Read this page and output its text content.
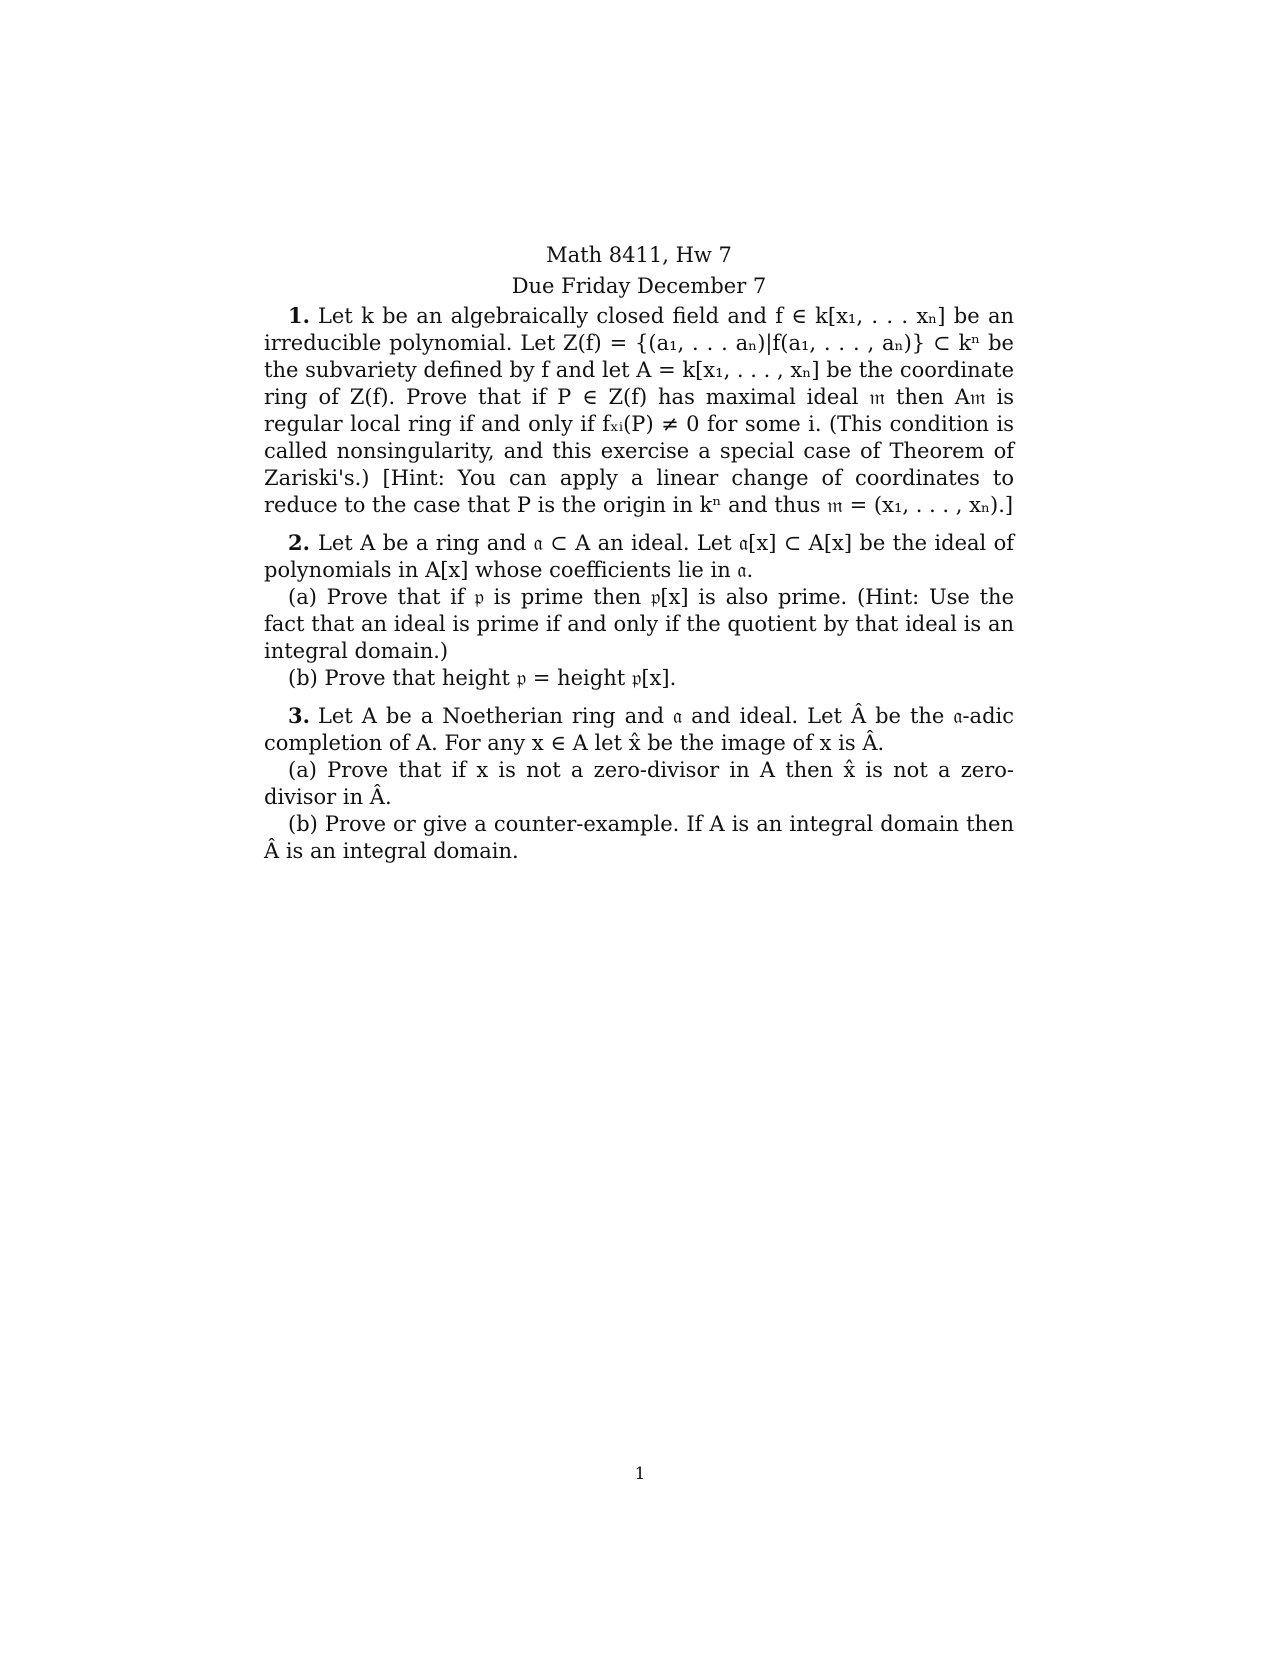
Math 8411, Hw 7
Due Friday December 7

1. Let k be an algebraically closed field and f ∈ k[x₁, . . . xₙ] be an irreducible polynomial. Let Z(f) = {(a₁, . . . aₙ)|f(a₁, . . . , aₙ)} ⊂ kⁿ be the subvariety defined by f and let A = k[x₁, . . . , xₙ] be the coordinate ring of Z(f). Prove that if P ∈ Z(f) has maximal ideal 𝔪 then A𝔪 is regular local ring if and only if fₓᵢ(P) ≠ 0 for some i. (This condition is called nonsingularity, and this exercise a special case of Theorem of Zariski's.) [Hint: You can apply a linear change of coordinates to reduce to the case that P is the origin in kⁿ and thus 𝔪 = (x₁, . . . , xₙ).]

2. Let A be a ring and 𝔞 ⊂ A an ideal. Let 𝔞[x] ⊂ A[x] be the ideal of polynomials in A[x] whose coefficients lie in 𝔞.

(a) Prove that if 𝔭 is prime then 𝔭[x] is also prime. (Hint: Use the fact that an ideal is prime if and only if the quotient by that ideal is an integral domain.)

(b) Prove that height 𝔭 = height 𝔭[x].

3. Let A be a Noetherian ring and 𝔞 and ideal. Let Â be the 𝔞-adic completion of A. For any x ∈ A let x̂ be the image of x is Â.

(a) Prove that if x is not a zero-divisor in A then x̂ is not a zero-divisor in Â.

(b) Prove or give a counter-example. If A is an integral domain then Â is an integral domain.

1
